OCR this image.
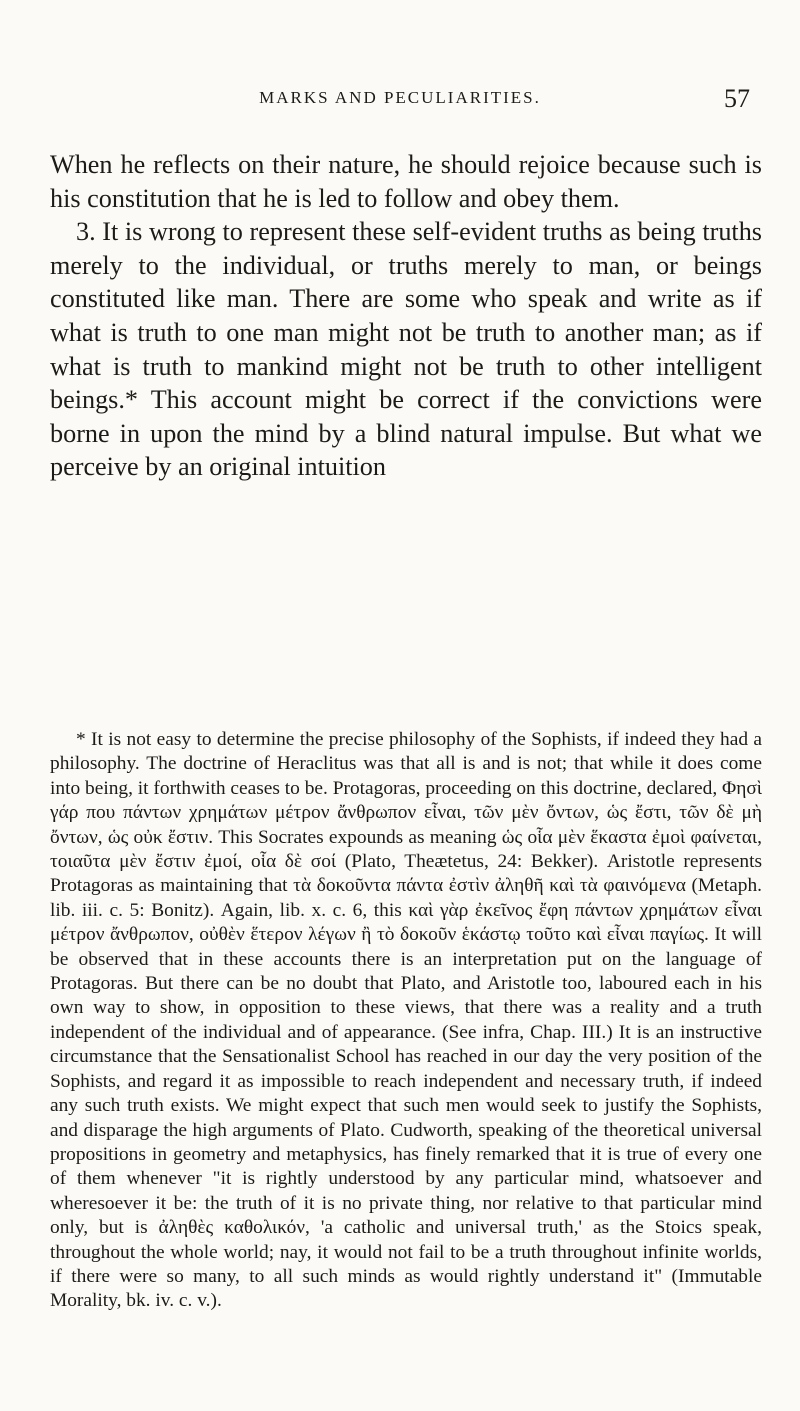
MARKS AND PECULIARITIES.	57

When he reflects on their nature, he should rejoice because such is his constitution that he is led to follow and obey them.

3. It is wrong to represent these self-evident truths as being truths merely to the individual, or truths merely to man, or beings constituted like man. There are some who speak and write as if what is truth to one man might not be truth to another man; as if what is truth to mankind might not be truth to other intelligent beings.* This account might be correct if the convictions were borne in upon the mind by a blind natural impulse. But what we perceive by an original intuition

* It is not easy to determine the precise philosophy of the Sophists, if indeed they had a philosophy. The doctrine of Heraclitus was that all is and is not; that while it does come into being, it forthwith ceases to be. Protagoras, proceeding on this doctrine, declared, Φησὶ γάρ που πάντων χρημάτων μέτρον ἄνθρωπον εἶναι, τῶν μὲν ὄντων, ὡς ἔστι, τῶν δὲ μὴ ὄντων, ὡς οὐκ ἔστιν. This Socrates expounds as meaning ὡς οἷα μὲν ἕκαστα ἐμοὶ φαίνεται, τοιαῦτα μὲν ἔστιν ἐμοί, οἷα δὲ σοί (Plato, Theætetus, 24: Bekker). Aristotle represents Protagoras as maintaining that τὰ δοκοῦντα πάντα ἐστὶν ἀληθῆ καὶ τὰ φαινόμενα (Metaph. lib. iii. c. 5: Bonitz). Again, lib. x. c. 6, this καὶ γὰρ ἐκεῖνος ἔφη πάντων χρημάτων εἶναι μέτρον ἄνθρωπον, οὐθὲν ἕτερον λέγων ἢ τὸ δοκοῦν ἑκάστῳ τοῦτο καὶ εἶναι παγίως. It will be observed that in these accounts there is an interpretation put on the language of Protagoras. But there can be no doubt that Plato, and Aristotle too, laboured each in his own way to show, in opposition to these views, that there was a reality and a truth independent of the individual and of appearance. (See infra, Chap. III.) It is an instructive circumstance that the Sensationalist School has reached in our day the very position of the Sophists, and regard it as impossible to reach independent and necessary truth, if indeed any such truth exists. We might expect that such men would seek to justify the Sophists, and disparage the high arguments of Plato. Cudworth, speaking of the theoretical universal propositions in geometry and metaphysics, has finely remarked that it is true of every one of them whenever "it is rightly understood by any particular mind, whatsoever and wheresoever it be: the truth of it is no private thing, nor relative to that particular mind only, but is ἀληθὲς καθολικόν, 'a catholic and universal truth,' as the Stoics speak, throughout the whole world; nay, it would not fail to be a truth throughout infinite worlds, if there were so many, to all such minds as would rightly understand it" (Immutable Morality, bk. iv. c. v.).
